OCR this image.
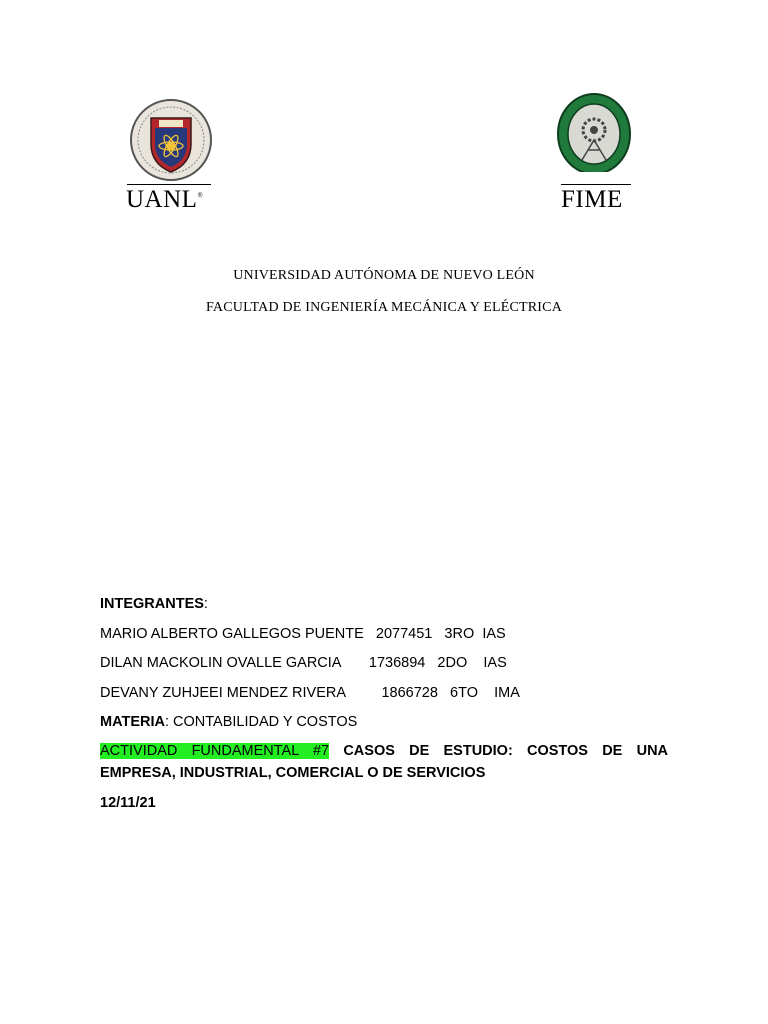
UANL®	FIME
UNIVERSIDAD AUTÓNOMA DE NUEVO LEÓN
FACULTAD DE INGENIERÍA MECÁNICA Y ELÉCTRICA
INTEGRANTES:
MARIO ALBERTO GALLEGOS PUENTE 2077451 3RO IAS
DILAN MACKOLIN OVALLE GARCIA 1736894 2DO IAS
DEVANY ZUHJEEI MENDEZ RIVERA	1866728 6TO IMA
MATERIA: CONTABILIDAD Y COSTOS
ACTIVIDAD FUNDAMENTAL #7 CASOS DE ESTUDIO: COSTOS DE UNA
EMPRESA, INDUSTRIAL, COMERCIAL O DE SERVICIOS
12/11/21
